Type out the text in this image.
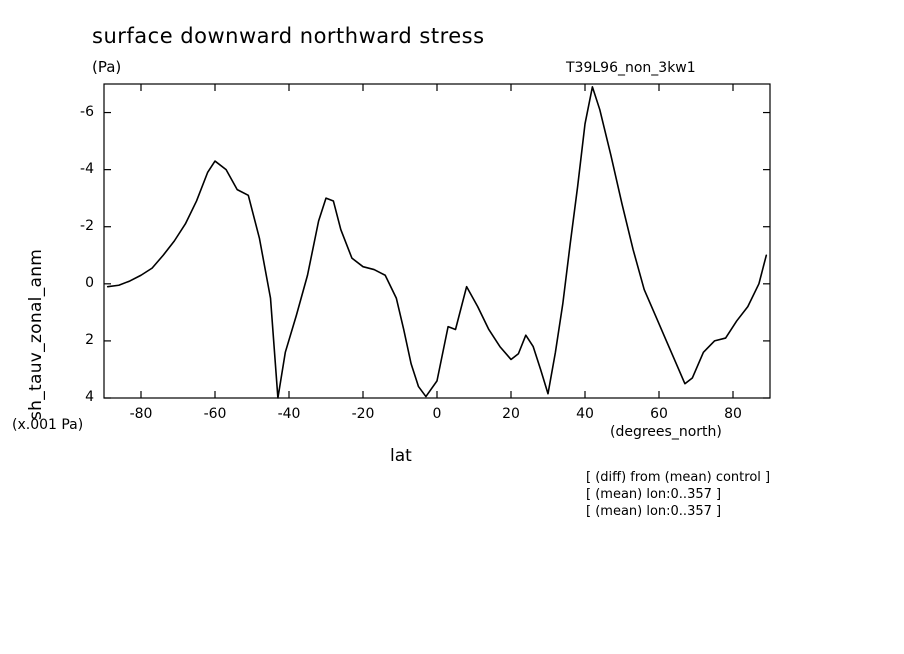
surface downward northward stress
(Pa)	T39L96_non_3kw1
sh_tauv_zonal_anm
lat
(x.001 Pa)	(degrees_north)
[ (diff) from (mean) control ]
[ (mean) lon:0..357 ]
[ (mean) lon:0..357 ]
-80	-60	-40	-20	0	20	40	60	80
-6
-4
-2
0
2
4
